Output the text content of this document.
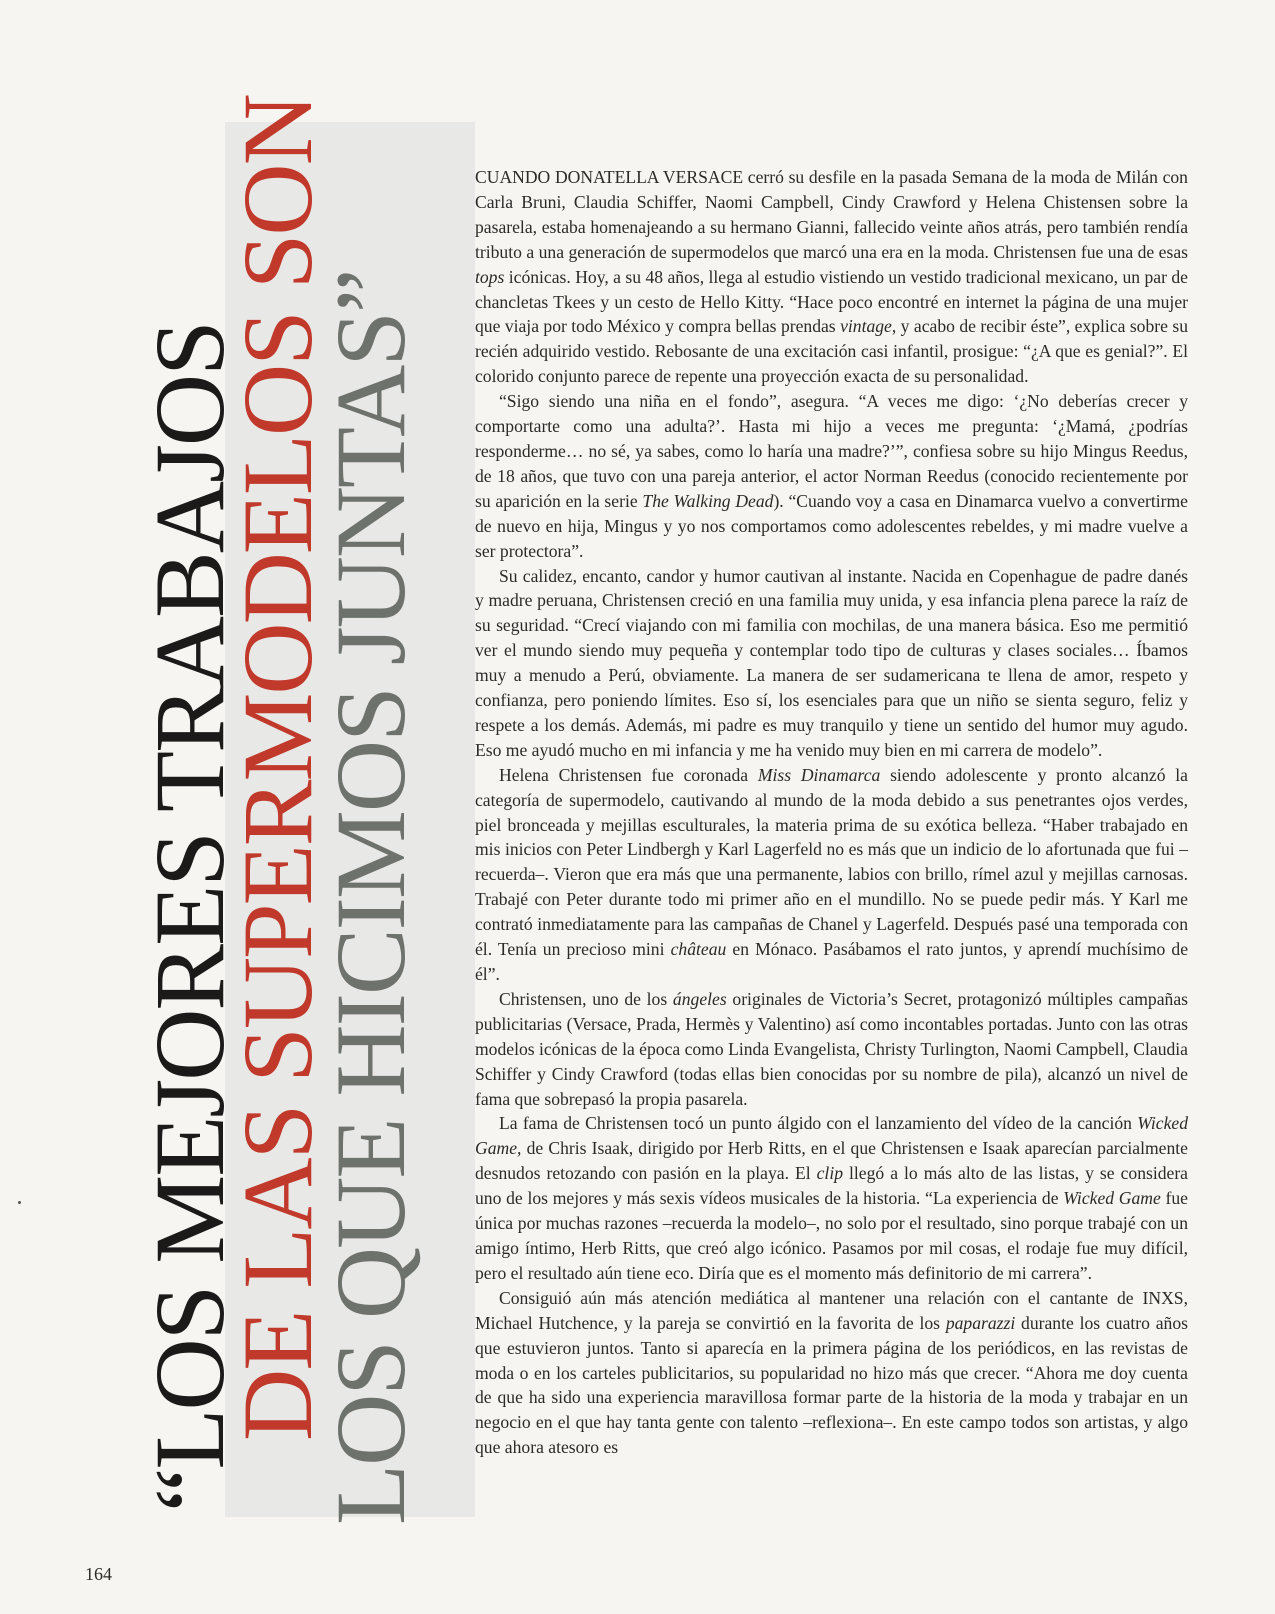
“LOS MEJORES TRABAJOS
DE LAS SUPERMODELOS SON
LOS QUE HICIMOS JUNTAS”

CUANDO DONATELLA VERSACE cerró su desfile en la pasada Semana de la moda de Milán con Carla Bruni, Claudia Schiffer, Naomi Campbell, Cindy Crawford y Helena Chistensen sobre la pasarela, estaba homenajeando a su hermano Gianni, fallecido veinte años atrás, pero también rendía tributo a una generación de supermodelos que marcó una era en la moda. Christensen fue una de esas tops icónicas. Hoy, a su 48 años, llega al estudio vistiendo un vestido tradicional mexicano, un par de chancletas Tkees y un cesto de Hello Kitty. “Hace poco encontré en internet la página de una mujer que viaja por todo México y compra bellas prendas vintage, y acabo de recibir éste”, explica sobre su recién adquirido vestido. Rebosante de una excitación casi infantil, prosigue: “¿A que es genial?”. El colorido conjunto parece de repente una proyección exacta de su personalidad.

“Sigo siendo una niña en el fondo”, asegura. “A veces me digo: ‘¿No deberías crecer y comportarte como una adulta?’. Hasta mi hijo a veces me pregunta: ‘¿Mamá, ¿podrías responderme… no sé, ya sabes, como lo haría una madre?’”, confiesa sobre su hijo Mingus Reedus, de 18 años, que tuvo con una pareja anterior, el actor Norman Reedus (conocido recientemente por su aparición en la serie The Walking Dead). “Cuando voy a casa en Dinamarca vuelvo a convertirme de nuevo en hija, Mingus y yo nos comportamos como adolescentes rebeldes, y mi madre vuelve a ser protectora”.

Su calidez, encanto, candor y humor cautivan al instante. Nacida en Copenhague de padre danés y madre peruana, Christensen creció en una familia muy unida, y esa infancia plena parece la raíz de su seguridad. “Crecí viajando con mi familia con mochilas, de una manera básica. Eso me permitió ver el mundo siendo muy pequeña y contemplar todo tipo de culturas y clases sociales… Íbamos muy a menudo a Perú, obviamente. La manera de ser sudamericana te llena de amor, respeto y confianza, pero poniendo límites. Eso sí, los esenciales para que un niño se sienta seguro, feliz y respete a los demás. Además, mi padre es muy tranquilo y tiene un sentido del humor muy agudo. Eso me ayudó mucho en mi infancia y me ha venido muy bien en mi carrera de modelo”.

Helena Christensen fue coronada Miss Dinamarca siendo adolescente y pronto alcanzó la categoría de supermodelo, cautivando al mundo de la moda debido a sus penetrantes ojos verdes, piel bronceada y mejillas esculturales, la materia prima de su exótica belleza. “Haber trabajado en mis inicios con Peter Lindbergh y Karl Lagerfeld no es más que un indicio de lo afortunada que fui –recuerda–. Vieron que era más que una permanente, labios con brillo, rímel azul y mejillas carnosas. Trabajé con Peter durante todo mi primer año en el mundillo. No se puede pedir más. Y Karl me contrató inmediatamente para las campañas de Chanel y Lagerfeld. Después pasé una temporada con él. Tenía un precioso mini château en Mónaco. Pasábamos el rato juntos, y aprendí muchísimo de él”.

Christensen, uno de los ángeles originales de Victoria’s Secret, protagonizó múltiples campañas publicitarias (Versace, Prada, Hermès y Valentino) así como incontables portadas. Junto con las otras modelos icónicas de la época como Linda Evangelista, Christy Turlington, Naomi Campbell, Claudia Schiffer y Cindy Crawford (todas ellas bien conocidas por su nombre de pila), alcanzó un nivel de fama que sobrepasó la propia pasarela.

La fama de Christensen tocó un punto álgido con el lanzamiento del vídeo de la canción Wicked Game, de Chris Isaak, dirigido por Herb Ritts, en el que Christensen e Isaak aparecían parcialmente desnudos retozando con pasión en la playa. El clip llegó a lo más alto de las listas, y se considera uno de los mejores y más sexis vídeos musicales de la historia. “La experiencia de Wicked Game fue única por muchas razones –recuerda la modelo–, no solo por el resultado, sino porque trabajé con un amigo íntimo, Herb Ritts, que creó algo icónico. Pasamos por mil cosas, el rodaje fue muy difícil, pero el resultado aún tiene eco. Diría que es el momento más definitorio de mi carrera”.

Consiguió aún más atención mediática al mantener una relación con el cantante de INXS, Michael Hutchence, y la pareja se convirtió en la favorita de los paparazzi durante los cuatro años que estuvieron juntos. Tanto si aparecía en la primera página de los periódicos, en las revistas de moda o en los carteles publicitarios, su popularidad no hizo más que crecer. “Ahora me doy cuenta de que ha sido una experiencia maravillosa formar parte de la historia de la moda y trabajar en un negocio en el que hay tanta gente con talento –reflexiona–. En este campo todos son artistas, y algo que ahora atesoro es

164
